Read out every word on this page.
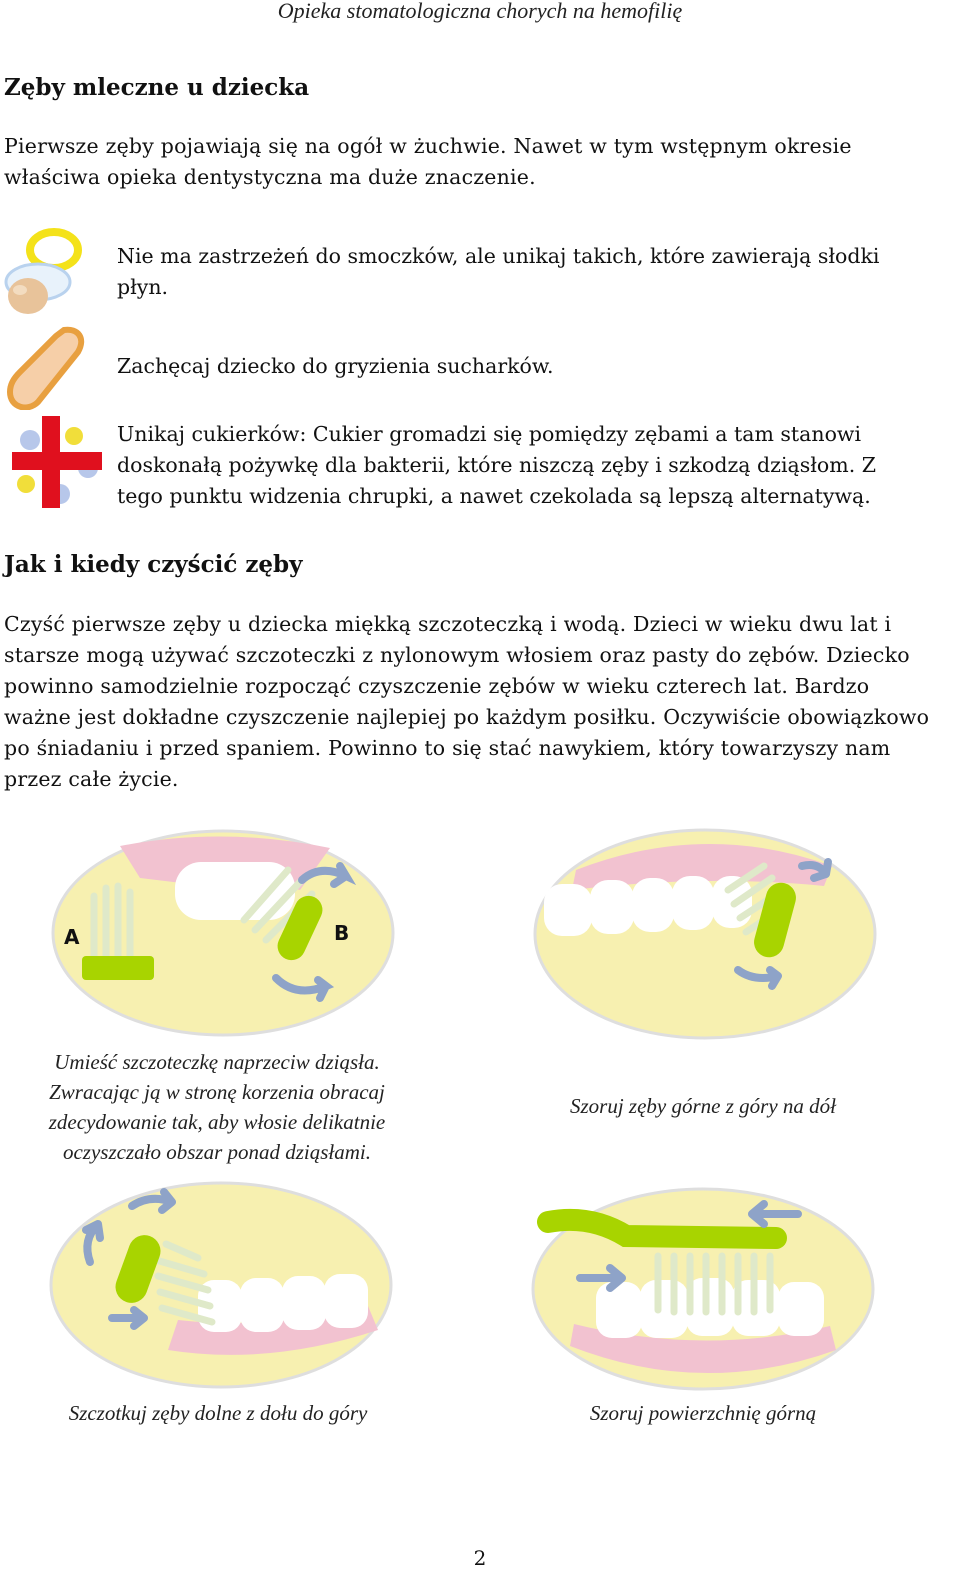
Opieka stomatologiczna chorych na hemofilię
Zęby mleczne u dziecka
Pierwsze zęby pojawiają się na ogół w żuchwie. Nawet w tym wstępnym okresie właściwa opieka dentystyczna ma duże znaczenie.
Nie ma zastrzeżeń do smoczków, ale unikaj takich, które zawierają słodki płyn.
Zachęcaj dziecko do gryzienia sucharków.
Unikaj cukierków: Cukier gromadzi się pomiędzy zębami a tam stanowi doskonałą pożywkę dla bakterii, które niszczą zęby i szkodzą dziąsłom. Z tego punktu widzenia chrupki, a nawet czekolada są lepszą alternatywą.
Jak i kiedy czyścić zęby
Czyść pierwsze zęby u dziecka miękką szczoteczką i wodą. Dzieci w wieku dwu lat i starsze mogą używać szczoteczki z nylonowym włosiem oraz pasty do zębów. Dziecko powinno samodzielnie rozpocząć czyszczenie zębów w wieku czterech lat. Bardzo ważne jest dokładne czyszczenie najlepiej po każdym posiłku. Oczywiście obowiązkowo po śniadaniu i przed spaniem. Powinno to się stać nawykiem, który towarzyszy nam przez całe życie.
A	B
Umieść szczoteczkę naprzeciw dziąsła. Zwracając ją w stronę korzenia obracaj zdecydowanie tak, aby włosie delikatnie oczyszczało obszar ponad dziąsłami.
Szoruj zęby górne z góry na dół
Szczotkuj zęby dolne z dołu do góry	Szoruj powierzchnię górną
2
